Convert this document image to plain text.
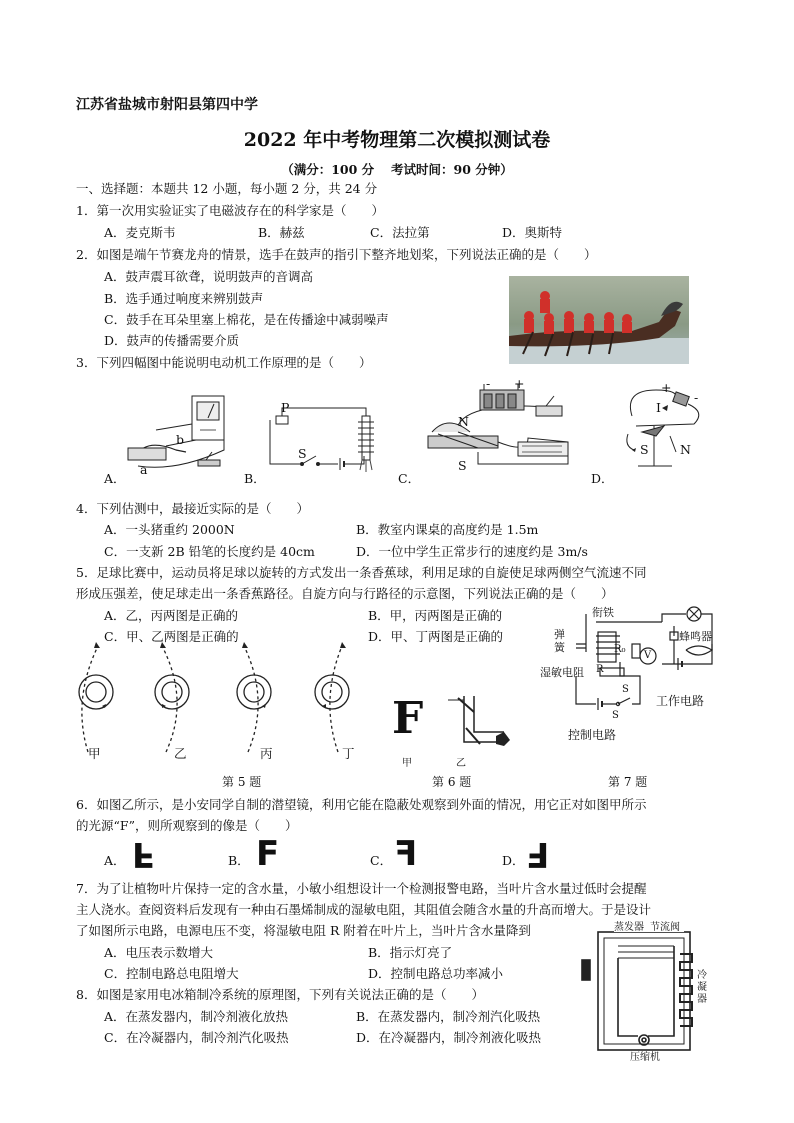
江苏省盐城市射阳县第四中学
2022 年中考物理第二次模拟测试卷
（满分：100 分　 考试时间：90 分钟）
一、选择题：本题共 12 小题，每小题 2 分，共 24 分
1．第一次用实验证实了电磁波存在的科学家是（　　）
A．麦克斯韦	B．赫兹	C．法拉第	D．奥斯特
2．如图是端午节赛龙舟的情景，选手在鼓声的指引下整齐地划桨，下列说法正确的是（　　）
A．鼓声震耳欲聋，说明鼓声的音调高
B．选手通过响度来辨别鼓声
C．鼓手在耳朵里塞上棉花，是在传播途中减弱噪声
D．鼓声的传播需要介质
3．下列四幅图中能说明电动机工作原理的是（　　）
b
a
A．
P
S
B．
- +
N
S
C．
I
+
-
S	N
D．
4．下列估测中，最接近实际的是（　　）
A．一头猪重约 2000N	B．教室内课桌的高度约是 1.5m
C．一支新 2B 铅笔的长度约是 40cm	D．一位中学生正常步行的速度约是 3m/s
5．足球比赛中，运动员将足球以旋转的方式发出一条香蕉球，利用足球的自旋使足球两侧空气流速不同
形成压强差，使足球走出一条香蕉路径。自旋方向与行路径的示意图，下列说法正确的是（　　）
A．乙，丙两图是正确的	B．甲，丙两图是正确的
C．甲、乙两图是正确的	D．甲、丁两图是正确的
甲	乙	丙	丁
F
甲	乙
衔铁
弹簧
蜂鸣器
湿敏电阻
R₀
V
R
S
S
控制电路
工作电路
第 5 题	第 6 题	第 7 题
6．如图乙所示，是小安同学自制的潜望镜，利用它能在隐蔽处观察到外面的情况，用它正对如图甲所示
的光源“F”，则所观察到的像是（　　）
A． F	B． F	C． F	D． F
7．为了让植物叶片保持一定的含水量，小敏小组想设计一个检测报警电路，当叶片含水量过低时会提醒
主人浇水。查阅资料后发现有一种由石墨烯制成的湿敏电阻，其阻值会随含水量的升高而增大。于是设计
了如图所示电路，电源电压不变，将湿敏电阻 R 附着在叶片上，当叶片含水量降到
A．电压表示数增大	B．指示灯亮了
C．控制电路总电阻增大	D．控制电路总功率减小
8．如图是家用电冰箱制冷系统的原理图，下列有关说法正确的是（　　）
A．在蒸发器内，制冷剂液化放热	B．在蒸发器内，制冷剂汽化吸热
C．在冷凝器内，制冷剂汽化吸热	D．在冷凝器内，制冷剂液化吸热
蒸发器 节流阀
冷凝器
压缩机
